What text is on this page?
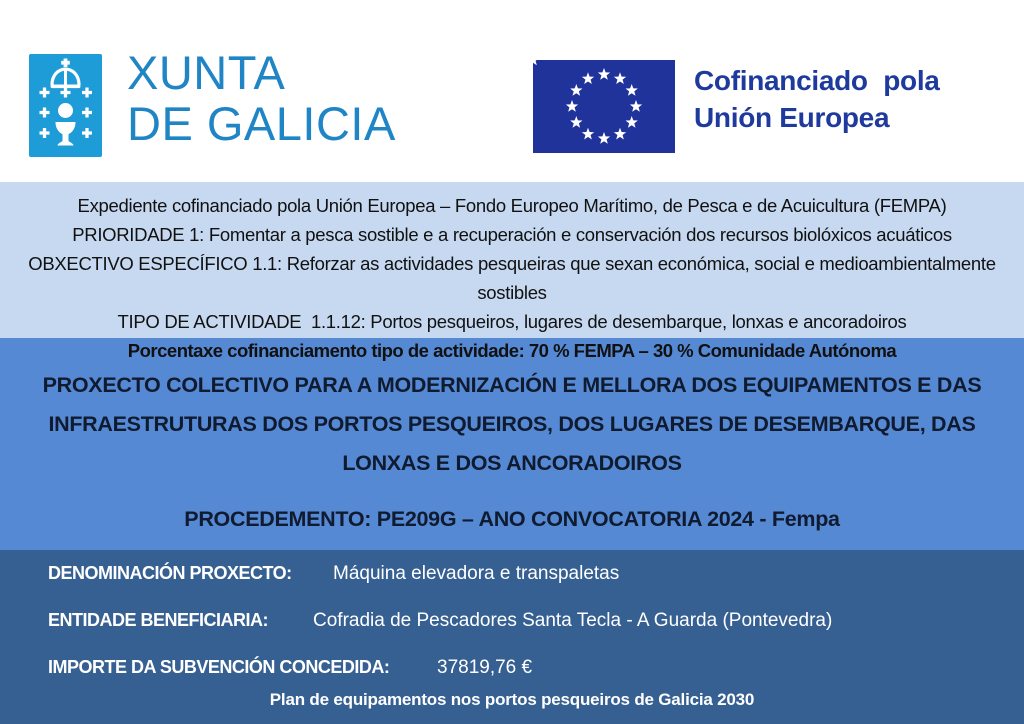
XUNTA
DE GALICIA
Cofinanciado pola
Unión Europea
Expediente cofinanciado pola Unión Europea – Fondo Europeo Marítimo, de Pesca e de Acuicultura (FEMPA)
PRIORIDADE 1: Fomentar a pesca sostible e a recuperación e conservación dos recursos biolóxicos acuáticos
OBXECTIVO ESPECÍFICO 1.1: Reforzar as actividades pesqueiras que sexan económica, social e medioambientalmente sostibles
TIPO DE ACTIVIDADE  1.1.12: Portos pesqueiros, lugares de desembarque, lonxas e ancoradoiros
Porcentaxe cofinanciamento tipo de actividade: 70 % FEMPA – 30 % Comunidade Autónoma
PROXECTO COLECTIVO PARA A MODERNIZACIÓN E MELLORA DOS EQUIPAMENTOS E DAS
INFRAESTRUTURAS DOS PORTOS PESQUEIROS, DOS LUGARES DE DESEMBARQUE, DAS
LONXAS E DOS ANCORADOIROS
PROCEDEMENTO: PE209G – ANO CONVOCATORIA 2024 - Fempa
DENOMINACIÓN PROXECTO: Máquina elevadora e transpaletas
ENTIDADE BENEFICIARIA: Cofradia de Pescadores Santa Tecla - A Guarda (Pontevedra)
IMPORTE DA SUBVENCIÓN CONCEDIDA:	37819,76 €
Plan de equipamentos nos portos pesqueiros de Galicia 2030
